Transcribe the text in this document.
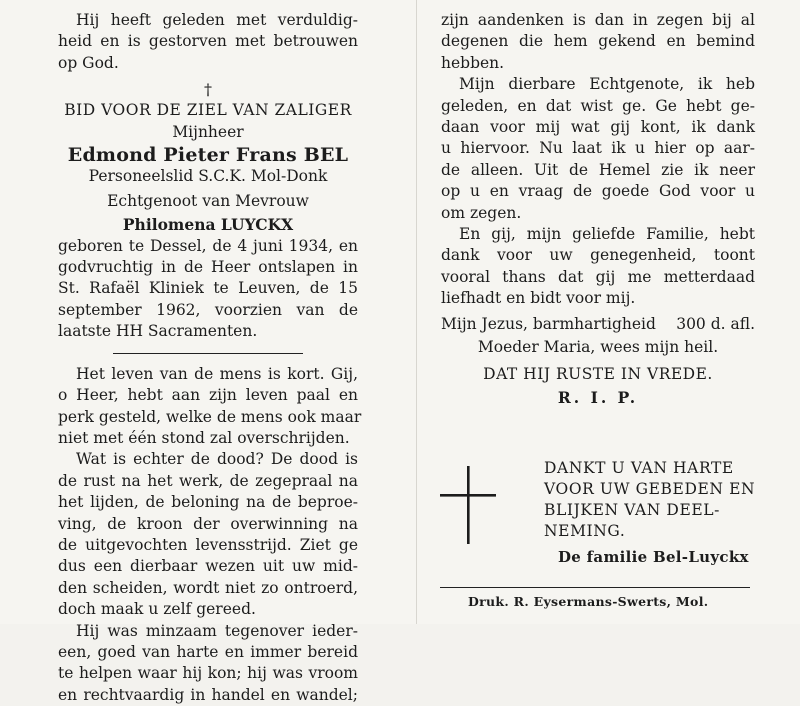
Hij heeft geleden met verduldig-
heid en is gestorven met betrouwen
op God.
†
BID VOOR DE ZIEL VAN ZALIGER
Mijnheer
Edmond Pieter Frans BEL
Personeelslid S.C.K. Mol-Donk
Echtgenoot van Mevrouw
Philomena LUYCKX
geboren te Dessel, de 4 juni 1934, en
godvruchtig in de Heer ontslapen in
St. Rafaël Kliniek te Leuven, de 15
september 1962, voorzien van de
laatste HH Sacramenten.
Het leven van de mens is kort. Gij,
o Heer, hebt aan zijn leven paal en
perk gesteld, welke de mens ook maar
niet met één stond zal overschrijden.
Wat is echter de dood? De dood is
de rust na het werk, de zegepraal na
het lijden, de beloning na de beproe-
ving, de kroon der overwinning na
de uitgevochten levensstrijd. Ziet ge
dus een dierbaar wezen uit uw mid-
den scheiden, wordt niet zo ontroerd,
doch maak u zelf gereed.
Hij was minzaam tegenover ieder-
een, goed van harte en immer bereid
te helpen waar hij kon; hij was vroom
en rechtvaardig in handel en wandel;
zijn aandenken is dan in zegen bij al
degenen die hem gekend en bemind
hebben.
Mijn dierbare Echtgenote, ik heb
geleden, en dat wist ge. Ge hebt ge-
daan voor mij wat gij kont, ik dank
u hiervoor. Nu laat ik u hier op aar-
de alleen. Uit de Hemel zie ik neer
op u en vraag de goede God voor u
om zegen.
En gij, mijn geliefde Familie, hebt
dank voor uw genegenheid, toont
vooral thans dat gij me metterdaad
liefhadt en bidt voor mij.
Mijn Jezus, barmhartigheid 300 d. afl.
Moeder Maria, wees mijn heil.
DAT HIJ RUSTE IN VREDE.
R. I. P.
DANKT U VAN HARTE
VOOR UW GEBEDEN EN
BLIJKEN VAN DEEL-
NEMING.
De familie Bel-Luyckx
Druk. R. Eysermans-Swerts, Mol.
